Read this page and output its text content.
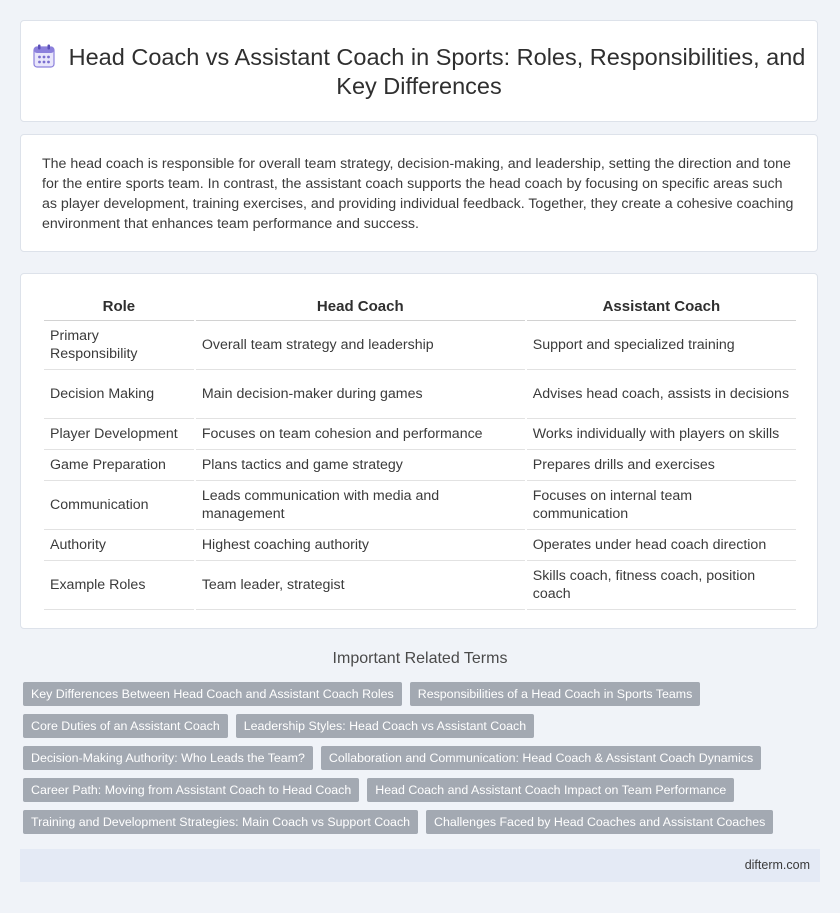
Head Coach vs Assistant Coach in Sports: Roles, Responsibilities, and Key Differences

The head coach is responsible for overall team strategy, decision-making, and leadership, setting the direction and tone for the entire sports team. In contrast, the assistant coach supports the head coach by focusing on specific areas such as player development, training exercises, and providing individual feedback. Together, they create a cohesive coaching environment that enhances team performance and success.

Role	Head Coach	Assistant Coach
Primary Responsibility	Overall team strategy and leadership	Support and specialized training
Decision Making	Main decision-maker during games	Advises head coach, assists in decisions
Player Development	Focuses on team cohesion and performance	Works individually with players on skills
Game Preparation	Plans tactics and game strategy	Prepares drills and exercises
Communication	Leads communication with media and management	Focuses on internal team communication
Authority	Highest coaching authority	Operates under head coach direction
Example Roles	Team leader, strategist	Skills coach, fitness coach, position coach
Important Related Terms
Key Differences Between Head Coach and Assistant Coach Roles	Responsibilities of a Head Coach in Sports Teams
Core Duties of an Assistant Coach	Leadership Styles: Head Coach vs Assistant Coach
Decision-Making Authority: Who Leads the Team?	Collaboration and Communication: Head Coach & Assistant Coach Dynamics
Career Path: Moving from Assistant Coach to Head Coach	Head Coach and Assistant Coach Impact on Team Performance
Training and Development Strategies: Main Coach vs Support Coach	Challenges Faced by Head Coaches and Assistant Coaches
difterm.com
